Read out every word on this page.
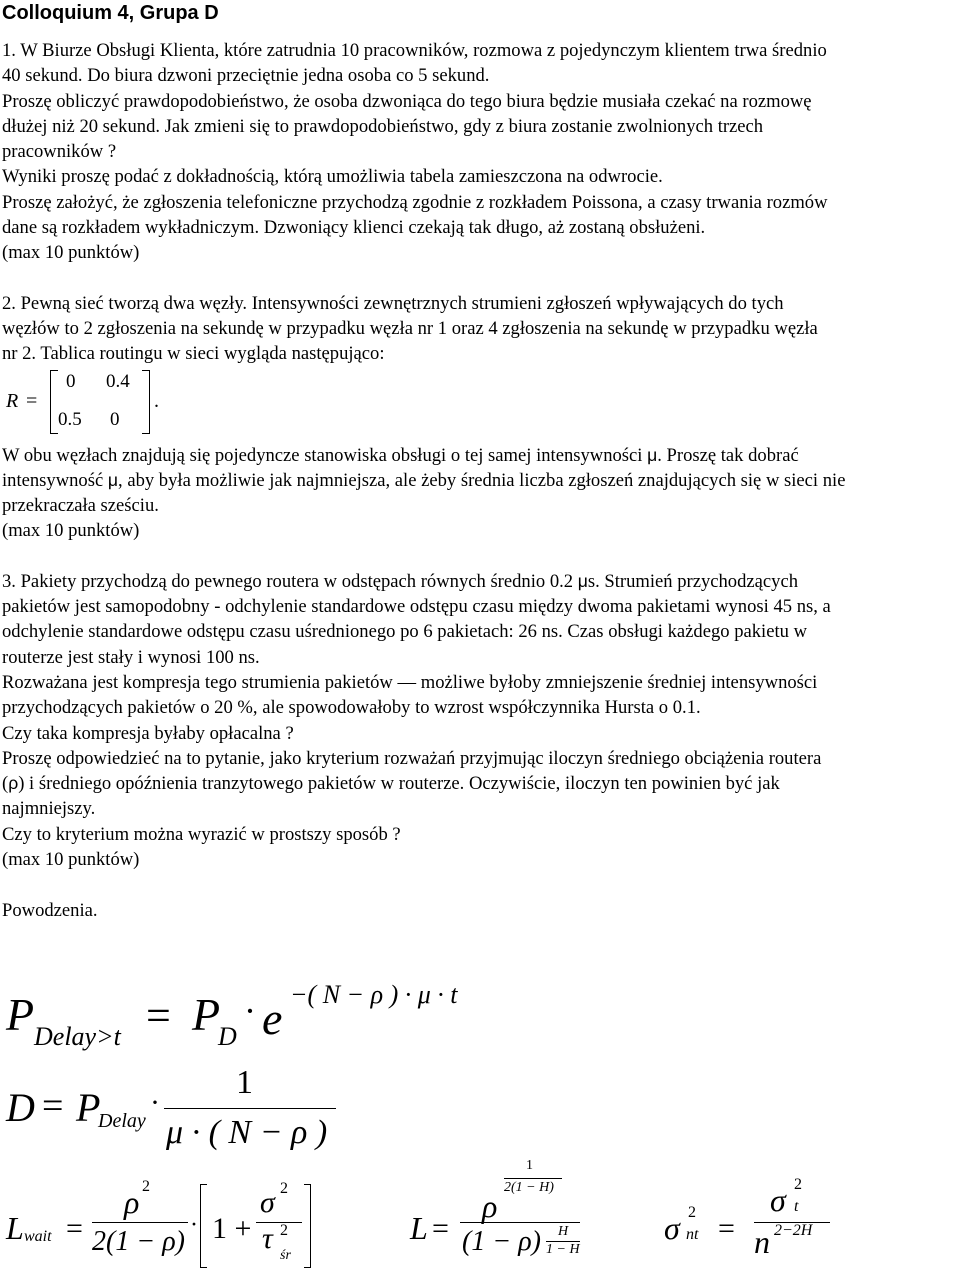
Colloquium 4, Grupa D

1. W Biurze Obsługi Klienta, które zatrudnia 10 pracowników, rozmowa z pojedynczym klientem trwa średnio

40 sekund. Do biura dzwoni przeciętnie jedna osoba co 5 sekund.

Proszę obliczyć prawdopodobieństwo, że osoba dzwoniąca do tego biura będzie musiała czekać na rozmowę

dłużej niż 20 sekund. Jak zmieni się to prawdopodobieństwo, gdy z biura zostanie zwolnionych trzech

pracowników ?

Wyniki proszę podać z dokładnością, którą umożliwia tabela zamieszczona na odwrocie.

Proszę założyć, że zgłoszenia telefoniczne przychodzą zgodnie z rozkładem Poissona, a czasy trwania rozmów

dane są rozkładem wykładniczym. Dzwoniący klienci czekają tak długo, aż zostaną obsłużeni.

(max 10 punktów)

2. Pewną sieć tworzą dwa węzły. Intensywności zewnętrznych strumieni zgłoszeń wpływających do tych

węzłów to 2 zgłoszenia na sekundę w przypadku węzła nr 1 oraz 4 zgłoszenia na sekundę w przypadku węzła

nr 2. Tablica routingu w sieci wygląda następująco:

R =
0 0.4
0.5 0
.

W obu węzłach znajdują się pojedyncze stanowiska obsługi o tej samej intensywności μ. Proszę tak dobrać

intensywność μ, aby była możliwie jak najmniejsza, ale żeby średnia liczba zgłoszeń znajdujących się w sieci nie

przekraczała sześciu.

(max 10 punktów)

3. Pakiety przychodzą do pewnego routera w odstępach równych średnio 0.2 μs. Strumień przychodzących

pakietów jest samopodobny - odchylenie standardowe odstępu czasu między dwoma pakietami wynosi 45 ns, a

odchylenie standardowe odstępu czasu uśrednionego po 6 pakietach: 26 ns. Czas obsługi każdego pakietu w

routerze jest stały i wynosi 100 ns.

Rozważana jest kompresja tego strumienia pakietów — możliwe byłoby zmniejszenie średniej intensywności

przychodzących pakietów o 20 %, ale spowodowałoby to wzrost współczynnika Hursta o 0.1.

Czy taka kompresja byłaby opłacalna ?

Proszę odpowiedzieć na to pytanie, jako kryterium rozważań przyjmując iloczyn średniego obciążenia routera

(ρ) i średniego opóźnienia tranzytowego pakietów w routerze. Oczywiście, iloczyn ten powinien być jak

najmniejszy.

Czy to kryterium można wyrazić w prostszy sposób ?

(max 10 punktów)

Powodzenia.

P Delay>t = P
D
· e −( N − ρ ) · μ · t
D = P
Delay
·
1
μ · ( N − ρ )
L wait =
ρ 2
2(1 − ρ)
· 1 +
σ 2
τ 2
śr
L =
ρ
1
2(1 − H)
(1 − ρ) H
1 − H
σ 2
nt =
σ 2
t
n 2−2H
